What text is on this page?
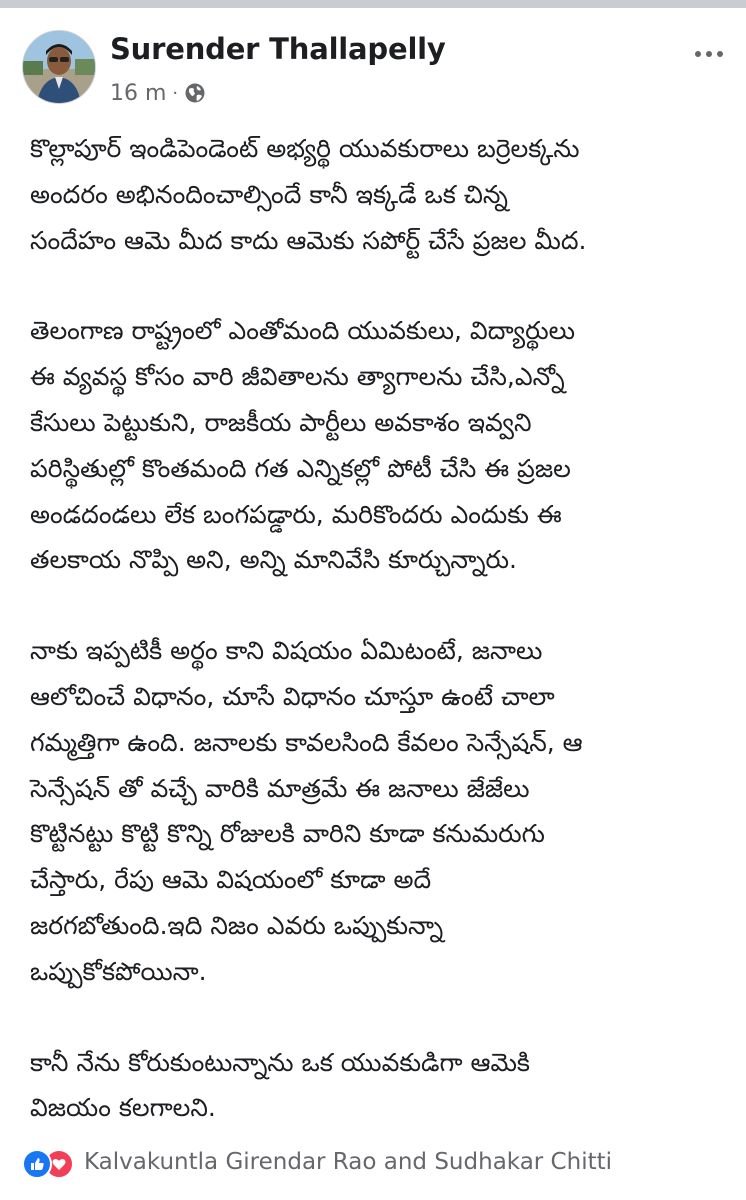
Surender Thallapelly
16 m ·
కొల్లాపూర్ ఇండిపెండెంట్ అభ్యర్థి యువకురాలు బర్రెలక్కను
అందరం అభినందించాల్సిందే కానీ ఇక్కడే ఒక చిన్న
సందేహం ఆమె మీద కాదు ఆమెకు సపోర్ట్ చేసే ప్రజల మీద.
తెలంగాణ రాష్ట్రంలో ఎంతోమంది యువకులు, విద్యార్థులు
ఈ వ్యవస్థ కోసం వారి జీవితాలను త్యాగాలను చేసి,ఎన్నో
కేసులు పెట్టుకుని, రాజకీయ పార్టీలు అవకాశం ఇవ్వని
పరిస్థితుల్లో కొంతమంది గత ఎన్నికల్లో పోటీ చేసి ఈ ప్రజల
అండదండలు లేక బంగపడ్డారు, మరికొందరు ఎందుకు ఈ
తలకాయ నొప్పి అని, అన్ని మానివేసి కూర్చున్నారు.
నాకు ఇప్పటికీ అర్థం కాని విషయం ఏమిటంటే, జనాలు
ఆలోచించే విధానం, చూసే విధానం చూస్తూ ఉంటే చాలా
గమ్మత్తిగా ఉంది. జనాలకు కావలసింది కేవలం సెన్సేషన్, ఆ
సెన్సేషన్ తో వచ్చే వారికి మాత్రమే ఈ జనాలు జేజేలు
కొట్టినట్టు కొట్టి కొన్ని రోజులకి వారిని కూడా కనుమరుగు
చేస్తారు, రేపు ఆమె విషయంలో కూడా అదే
జరగబోతుంది.ఇది నిజం ఎవరు ఒప్పుకున్నా
ఒప్పుకోకపోయినా.
కానీ నేను కోరుకుంటున్నాను ఒక యువకుడిగా ఆమెకి
విజయం కలగాలని.
Kalvakuntla Girendar Rao and Sudhakar Chitti
